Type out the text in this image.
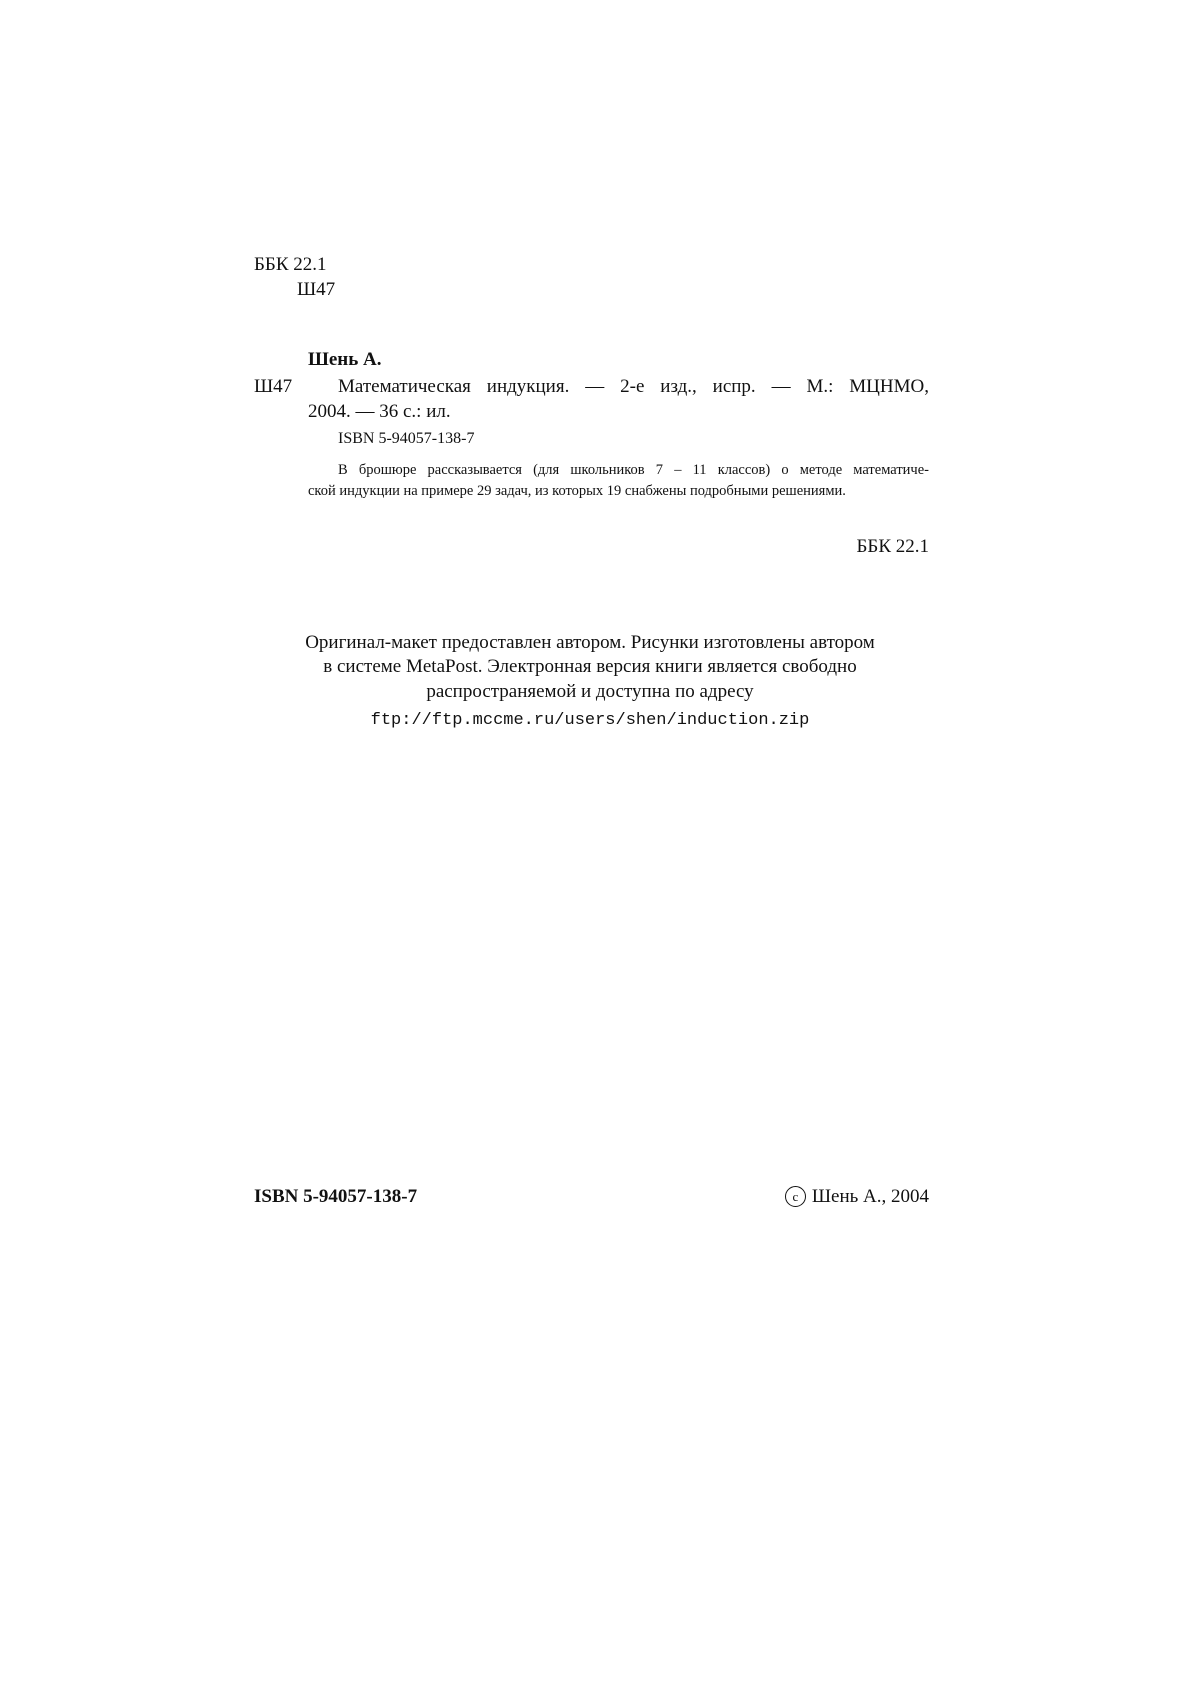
ББК 22.1
Ш47
Шень А.
Ш47 Математическая индукция. — 2-е изд., испр. — М.: МЦНМО,
2004. — 36 с.: ил.
ISBN 5-94057-138-7
В брошюре рассказывается (для школьников 7 – 11 классов) о методе математиче-
ской индукции на примере 29 задач, из которых 19 снабжены подробными решениями.
ББК 22.1
Оригинал-макет предоставлен автором. Рисунки изготовлены автором
в системе MetaPost. Электронная версия книги является свободно
распространяемой и доступна по адресу
ftp://ftp.mccme.ru/users/shen/induction.zip
ISBN 5-94057-138-7	c Шень А., 2004
